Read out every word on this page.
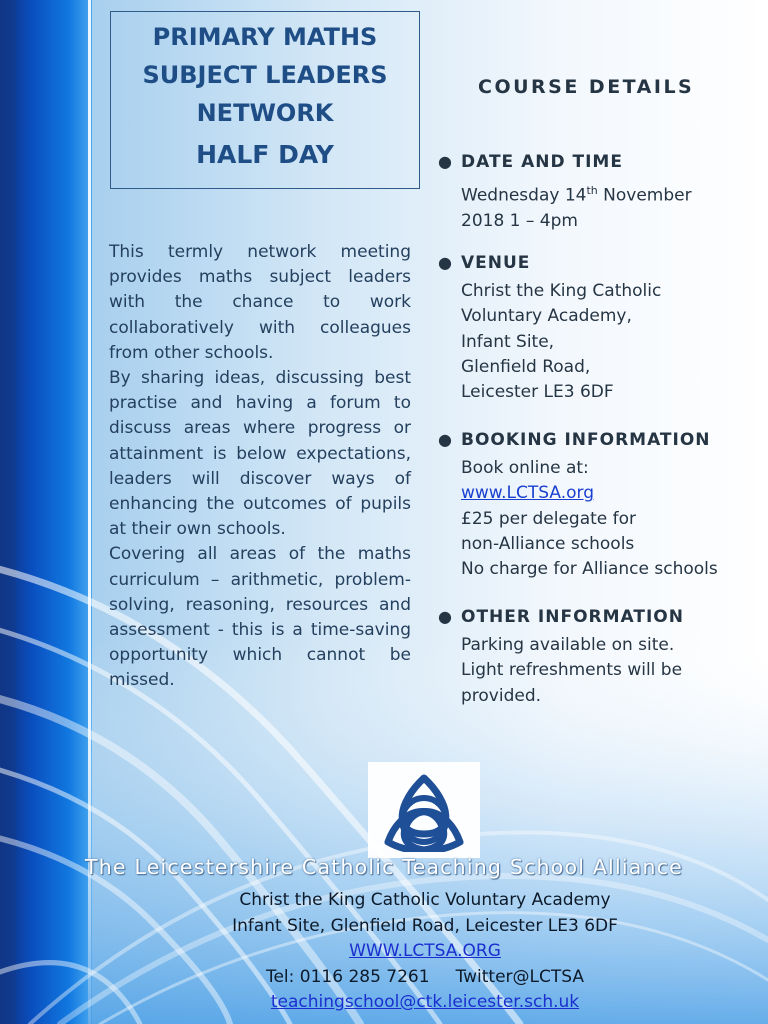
PRIMARY MATHS SUBJECT LEADERS NETWORK
HALF DAY

This termly network meeting provides maths subject leaders with the chance to work collaboratively with colleagues from other schools.

By sharing ideas, discussing best practise and having a forum to discuss areas where progress or attainment is below expectations, leaders will discover ways of enhancing the outcomes of pupils at their own schools.

Covering all areas of the maths curriculum – arithmetic, problem-solving, reasoning, resources and assessment - this is a time-saving opportunity which cannot be missed.

COURSE DETAILS
● DATE AND TIME
Wednesday 14th November
2018 1 – 4pm
● VENUE
Christ the King Catholic
Voluntary Academy,
Infant Site,
Glenfield Road,
Leicester LE3 6DF
● BOOKING INFORMATION
Book online at:
www.LCTSA.org
£25 per delegate for
non-Alliance schools
No charge for Alliance schools
● OTHER INFORMATION
Parking available on site.
Light refreshments will be
provided.
The Leicestershire Catholic Teaching School Alliance
Christ the King Catholic Voluntary Academy
Infant Site, Glenfield Road, Leicester LE3 6DF
WWW.LCTSA.ORG
Tel: 0116 285 7261 Twitter@LCTSA
teachingschool@ctk.leicester.sch.uk
